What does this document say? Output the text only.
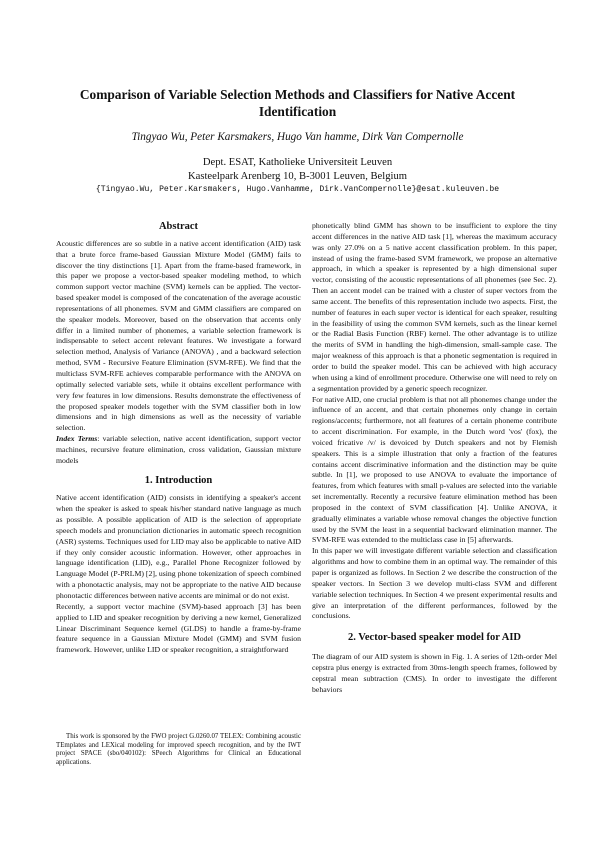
Comparison of Variable Selection Methods and Classifiers for Native Accent Identification
Tingyao Wu, Peter Karsmakers, Hugo Van hamme, Dirk Van Compernolle
Dept. ESAT, Katholieke Universiteit Leuven
Kasteelpark Arenberg 10, B-3001 Leuven, Belgium
{Tingyao.Wu, Peter.Karsmakers, Hugo.Vanhamme, Dirk.VanCompernolle}@esat.kuleuven.be
Abstract

Acoustic differences are so subtle in a native accent identification (AID) task that a brute force frame-based Gaussian Mixture Model (GMM) fails to discover the tiny distinctions [1]. Apart from the frame-based framework, in this paper we propose a vector-based speaker modeling method, to which common support vector machine (SVM) kernels can be applied. The vector-based speaker model is composed of the concatenation of the average acoustic representations of all phonemes. SVM and GMM classifiers are compared on the speaker models. Moreover, based on the observation that accents only differ in a limited number of phonemes, a variable selection framework is indispensable to select accent relevant features. We investigate a forward selection method, Analysis of Variance (ANOVA) , and a backward selection method, SVM - Recursive Feature Elimination (SVM-RFE). We find that the multiclass SVM-RFE achieves comparable performance with the ANOVA on optimally selected variable sets, while it obtains excellent performance with very few features in low dimensions. Results demonstrate the effectiveness of the proposed speaker models together with the SVM classifier both in low dimensions and in high dimensions as well as the necessity of variable selection.

Index Terms: variable selection, native accent identification, support vector machines, recursive feature elimination, cross validation, Gaussian mixture models

1. Introduction

Native accent identification (AID) consists in identifying a speaker's accent when the speaker is asked to speak his/her standard native language as much as possible. A possible application of AID is the selection of appropriate speech models and pronunciation dictionaries in automatic speech recognition (ASR) systems. Techniques used for LID may also be applicable to native AID if they only consider acoustic information. However, other approaches in language identification (LID), e.g., Parallel Phone Recognizer followed by Language Model (P-PRLM) [2], using phone tokenization of speech combined with a phonotactic analysis, may not be appropriate to the native AID because phonotactic differences between native accents are minimal or do not exist.

Recently, a support vector machine (SVM)-based approach [3] has been applied to LID and speaker recognition by deriving a new kernel, Generalized Linear Discriminant Sequence kernel (GLDS) to handle a frame-by-frame feature sequence in a Gaussian Mixture Model (GMM) and SVM fusion framework. However, unlike LID or speaker recognition, a straightforward

This work is sponsored by the FWO project G.0260.07 TELEX: Combining acoustic TEmplates and LEXical modeling for improved speech recognition, and by the IWT project SPACE (sbo/040102): SPeech Algorithms for Clinical an Educational applications.

phonetically blind GMM has shown to be insufficient to explore the tiny accent differences in the native AID task [1], whereas the maximum accuracy was only 27.0% on a 5 native accent classification problem. In this paper, instead of using the frame-based SVM framework, we propose an alternative approach, in which a speaker is represented by a high dimensional super vector, consisting of the acoustic representations of all phonemes (see Sec. 2). Then an accent model can be trained with a cluster of super vectors from the same accent. The benefits of this representation include two aspects. First, the number of features in each super vector is identical for each speaker, resulting in the feasibility of using the common SVM kernels, such as the linear kernel or the Radial Basis Function (RBF) kernel. The other advantage is to utilize the merits of SVM in handling the high-dimension, small-sample case. The major weakness of this approach is that a phonetic segmentation is required in order to build the speaker model. This can be achieved with high accuracy when using a kind of enrollment procedure. Otherwise one will need to rely on a segmentation provided by a generic speech recognizer.

For native AID, one crucial problem is that not all phonemes change under the influence of an accent, and that certain phonemes only change in certain regions/accents; furthermore, not all features of a certain phoneme contribute to accent discrimination. For example, in the Dutch word 'vos' (fox), the voiced fricative /v/ is devoiced by Dutch speakers and not by Flemish speakers. This is a simple illustration that only a fraction of the features contains accent discriminative information and the distinction may be quite subtle. In [1], we proposed to use ANOVA to evaluate the importance of features, from which features with small p-values are selected into the variable set incrementally. Recently a recursive feature elimination method has been proposed in the context of SVM classification [4]. Unlike ANOVA, it gradually eliminates a variable whose removal changes the objective function used by the SVM the least in a sequential backward elimination manner. The SVM-RFE was extended to the multiclass case in [5] afterwards.

In this paper we will investigate different variable selection and classification algorithms and how to combine them in an optimal way. The remainder of this paper is organized as follows. In Section 2 we describe the construction of the speaker vectors. In Section 3 we develop multi-class SVM and different variable selection techniques. In Section 4 we present experimental results and give an interpretation of the different performances, followed by the conclusions.

2. Vector-based speaker model for AID

The diagram of our AID system is shown in Fig. 1. A series of 12th-order Mel cepstra plus energy is extracted from 30ms-length speech frames, followed by cepstral mean subtraction (CMS). In order to investigate the different behaviors
